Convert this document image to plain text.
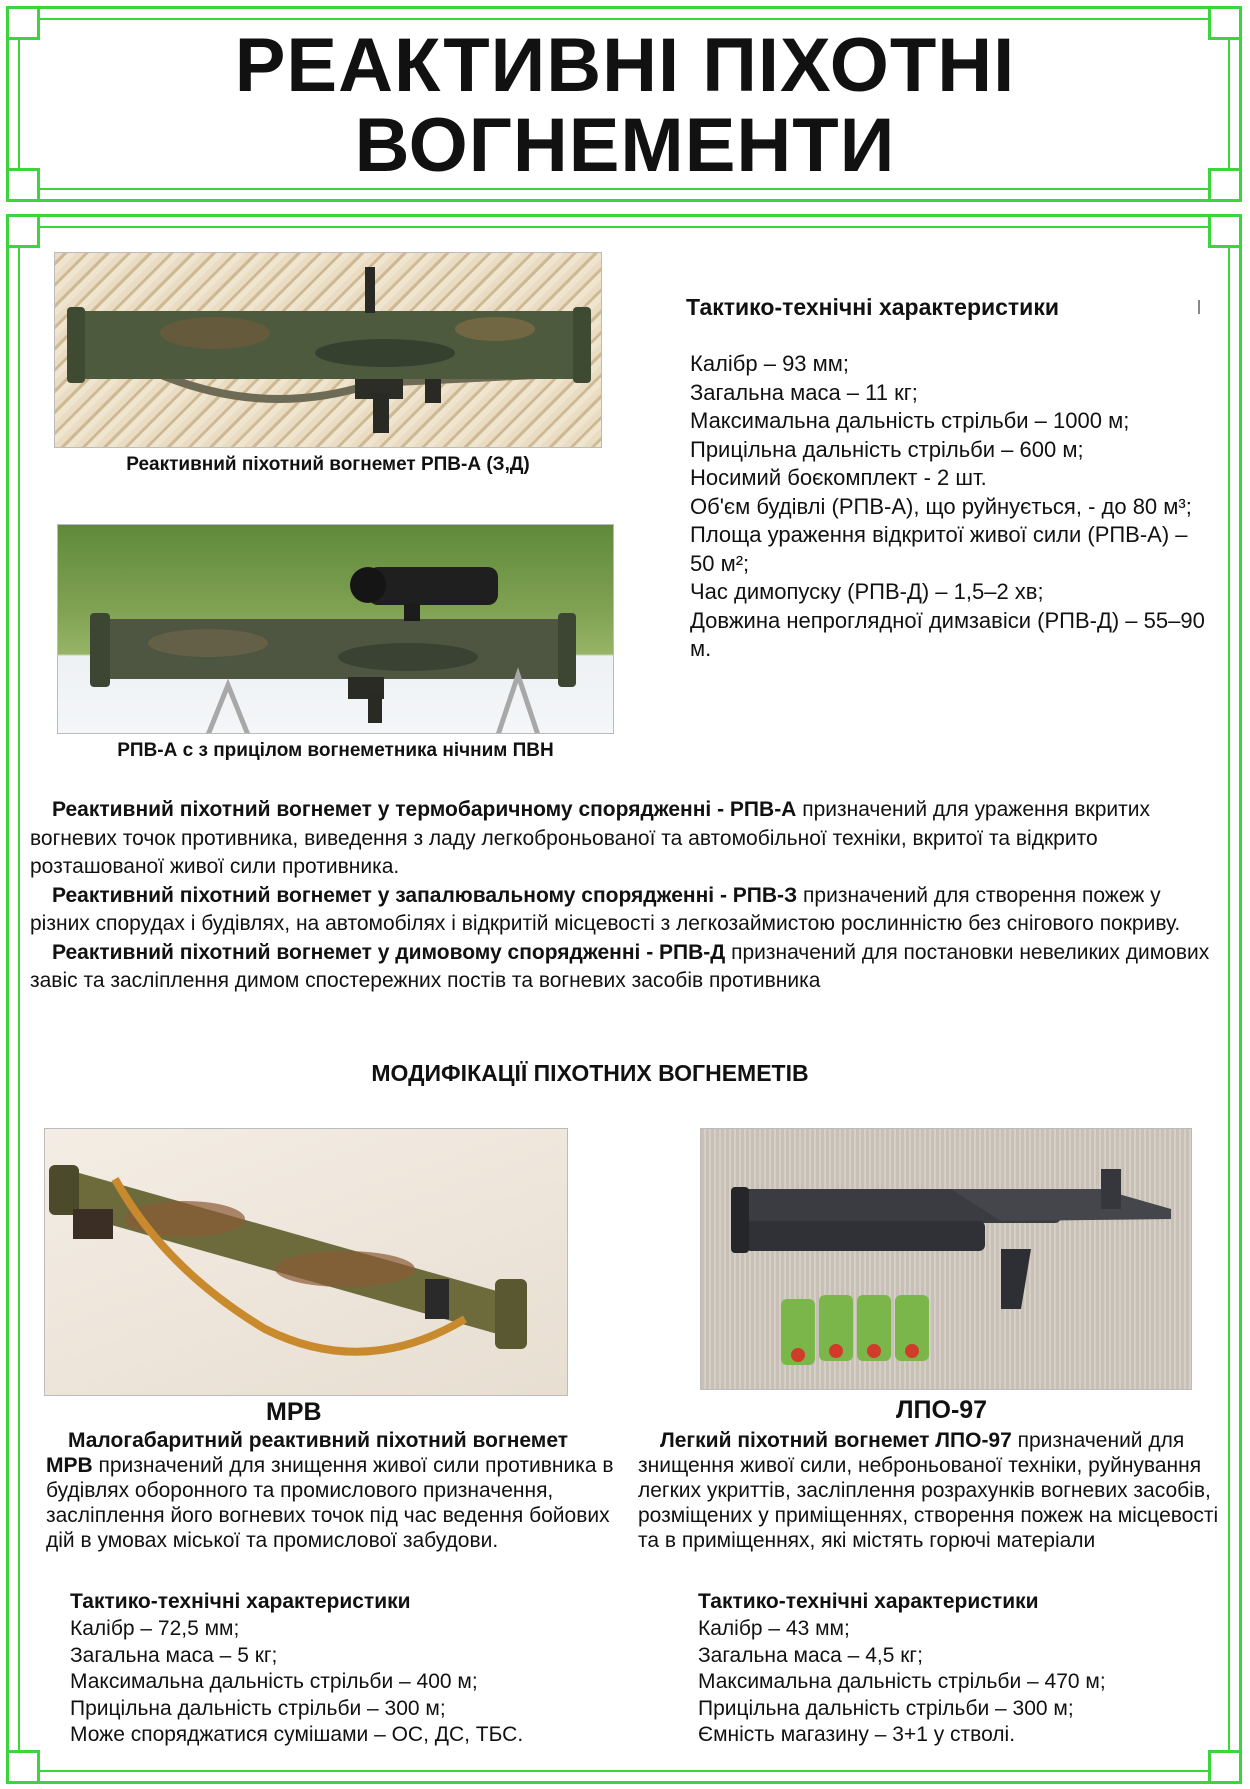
РЕАКТИВНІ ПІХОТНІ
ВОГНЕМЕНТИ
Реактивний піхотний вогнемет РПВ-А (З,Д)
РПВ-А с з прицілом вогнеметника нічним ПВН
Тактико-технічні характеристики
Калібр – 93 мм;
Загальна маса – 11 кг;
Максимальна дальність стрільби – 1000 м;
Прицільна дальність стрільби – 600 м;
Носимий боєкомплект - 2 шт.
Об'єм будівлі (РПВ-А), що руйнується, - до 80 м³;
Площа ураження відкритої живої сили (РПВ-А) – 50 м²;
Час димопуску (РПВ-Д) – 1,5–2 хв;
Довжина непроглядної димзавіси (РПВ-Д) – 55–90 м.

Реактивний піхотний вогнемет у термобаричному спорядженні - РПВ-А призначений для ураження вкритих вогневих точок противника, виведення з ладу легкоброньованої та автомобільної техніки, вкритої та відкрито розташованої живої сили противника.

Реактивний піхотний вогнемет у запалювальному спорядженні - РПВ-З призначений для створення пожеж у різних спорудах і будівлях, на автомобілях і відкритій місцевості з легкозаймистою рослинністю без снігового покриву.

Реактивний піхотний вогнемет у димовому спорядженні - РПВ-Д призначений для постановки невеликих димових завіс та засліплення димом спостережних постів та вогневих засобів противника

МОДИФІКАЦІЇ ПІХОТНИХ ВОГНЕМЕТІВ
МРВ	ЛПО-97
Малогабаритний реактивний піхотний вогнемет МРВ призначений для знищення живої сили противника в будівлях оборонного та промислового призначення, засліплення його вогневих точок під час ведення бойових дій в умовах міської та промислової забудови.
Тактико-технічні характеристики
Калібр – 72,5 мм;
Загальна маса – 5 кг;
Максимальна дальність стрільби – 400 м;
Прицільна дальність стрільби – 300 м;
Може споряджатися сумішами – ОС, ДС, ТБС.
Легкий піхотний вогнемет ЛПО-97 призначений для знищення живої сили, неброньованої техніки, руйнування легких укриттів, засліплення розрахунків вогневих засобів, розміщених у приміщеннях, створення пожеж на місцевості та в приміщеннях, які містять горючі матеріали
Тактико-технічні характеристики
Калібр – 43 мм;
Загальна маса – 4,5 кг;
Максимальна дальність стрільби – 470 м;
Прицільна дальність стрільби – 300 м;
Ємність магазину – 3+1 у стволі.
